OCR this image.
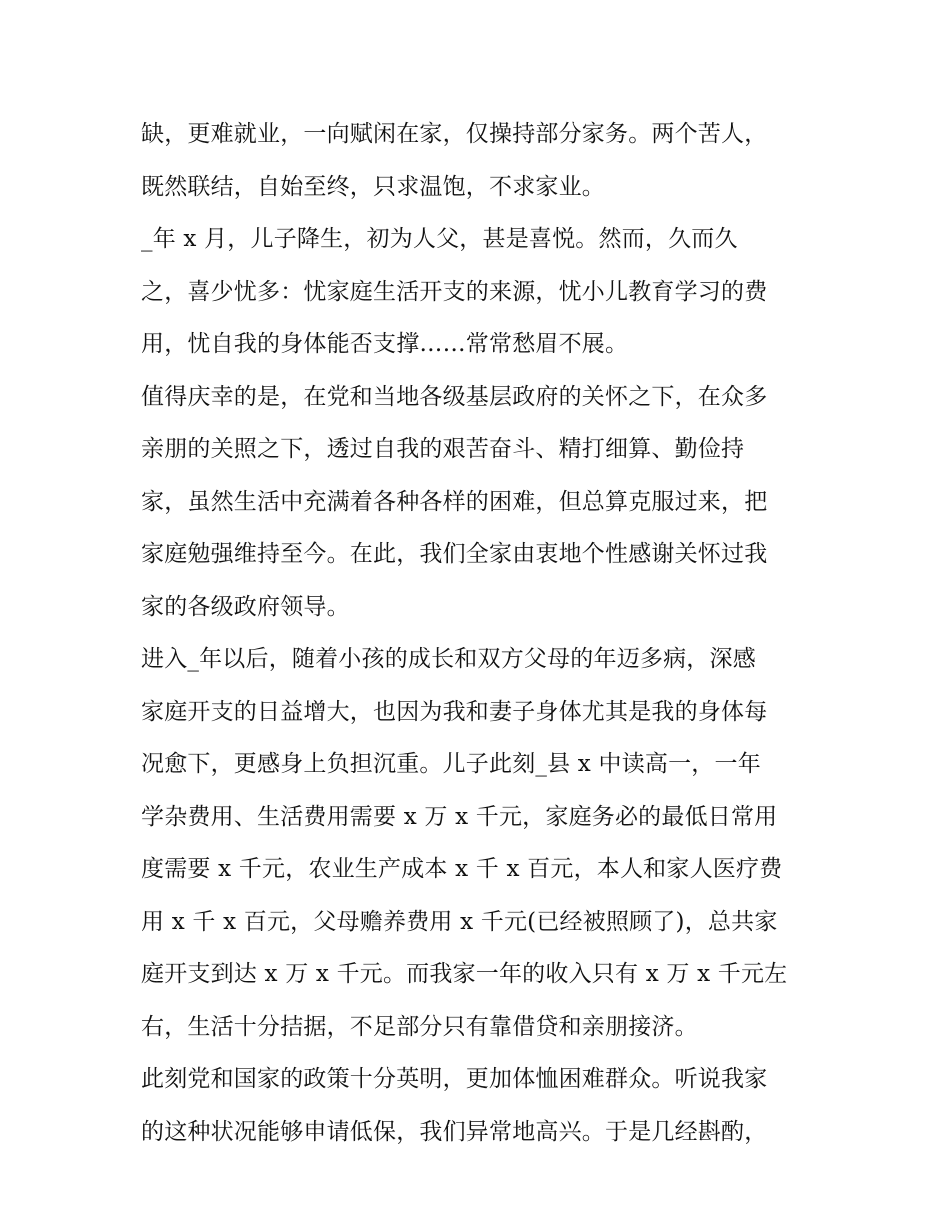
缺，更难就业，一向赋闲在家，仅操持部分家务。两个苦人，
既然联结，自始至终，只求温饱，不求家业。
_年 x 月，儿子降生，初为人父，甚是喜悦。然而，久而久
之，喜少忧多：忧家庭生活开支的来源，忧小儿教育学习的费
用，忧自我的身体能否支撑……常常愁眉不展。
值得庆幸的是，在党和当地各级基层政府的关怀之下，在众多
亲朋的关照之下，透过自我的艰苦奋斗、精打细算、勤俭持
家，虽然生活中充满着各种各样的困难，但总算克服过来，把
家庭勉强维持至今。在此，我们全家由衷地个性感谢关怀过我
家的各级政府领导。
进入_年以后，随着小孩的成长和双方父母的年迈多病，深感
家庭开支的日益增大，也因为我和妻子身体尤其是我的身体每
况愈下，更感身上负担沉重。儿子此刻_县 x 中读高一，一年
学杂费用、生活费用需要 x 万 x 千元，家庭务必的最低日常用
度需要 x 千元，农业生产成本 x 千 x 百元，本人和家人医疗费
用 x 千 x 百元，父母赡养费用 x 千元(已经被照顾了)，总共家
庭开支到达 x 万 x 千元。而我家一年的收入只有 x 万 x 千元左
右，生活十分拮据，不足部分只有靠借贷和亲朋接济。
此刻党和国家的政策十分英明，更加体恤困难群众。听说我家
的这种状况能够申请低保，我们异常地高兴。于是几经斟酌，
